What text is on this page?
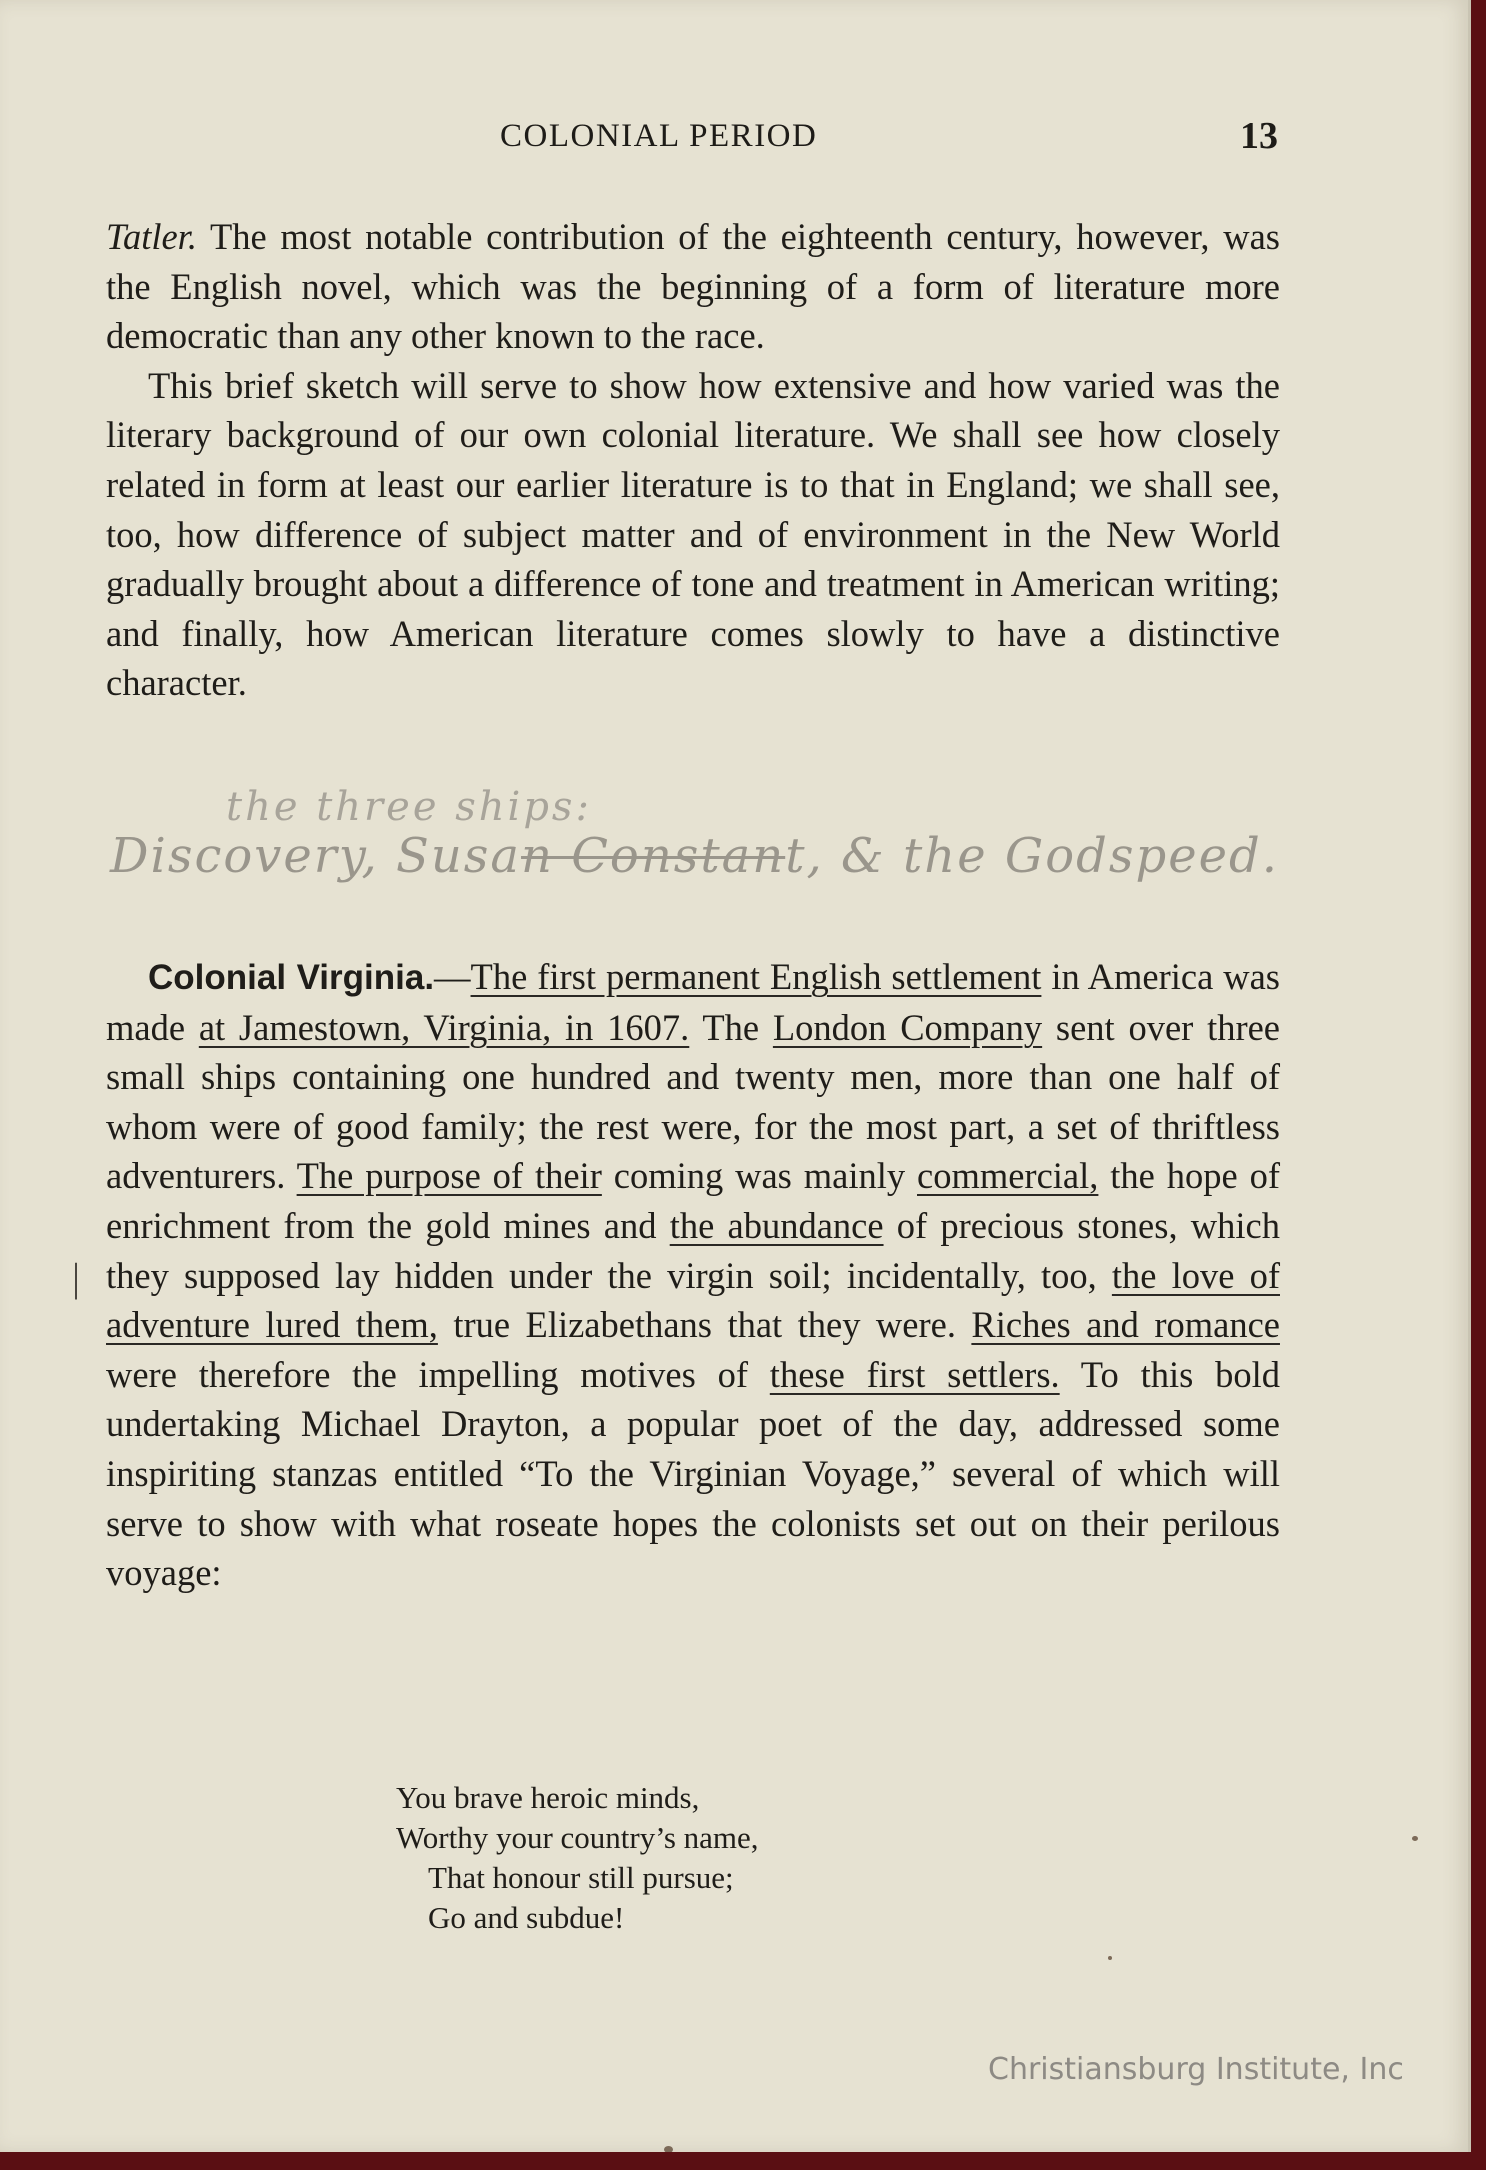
COLONIAL PERIOD	13

Tatler. The most notable contribution of the eighteenth century, however, was the English novel, which was the beginning of a form of literature more democratic than any other known to the race.

This brief sketch will serve to show how extensive and how varied was the literary background of our own colonial literature. We shall see how closely related in form at least our earlier literature is to that in England; we shall see, too, how difference of subject matter and of environment in the New World gradually brought about a difference of tone and treatment in American writing; and finally, how American literature comes slowly to have a distinctive character.

the three ships:
Discovery, Susan Constant, & the Godspeed.

Colonial Virginia.—The first permanent English settlement in America was made at Jamestown, Virginia, in 1607. The London Company sent over three small ships containing one hundred and twenty men, more than one half of whom were of good family; the rest were, for the most part, a set of thriftless adventurers. The purpose of their coming was mainly commercial, the hope of enrichment from the gold mines and the abundance of precious stones, which they supposed lay hidden under the virgin soil; incidentally, too, the love of adventure lured them, true Elizabethans that they were. Riches and romance were therefore the impelling motives of these first settlers. To this bold undertaking Michael Drayton, a popular poet of the day, addressed some inspiriting stanzas entitled “To the Virginian Voyage,” several of which will serve to show with what roseate hopes the colonists set out on their perilous voyage:

|
You brave heroic minds,
Worthy your country’s name,
That honour still pursue;
Go and subdue!
Christiansburg Institute, Inc
